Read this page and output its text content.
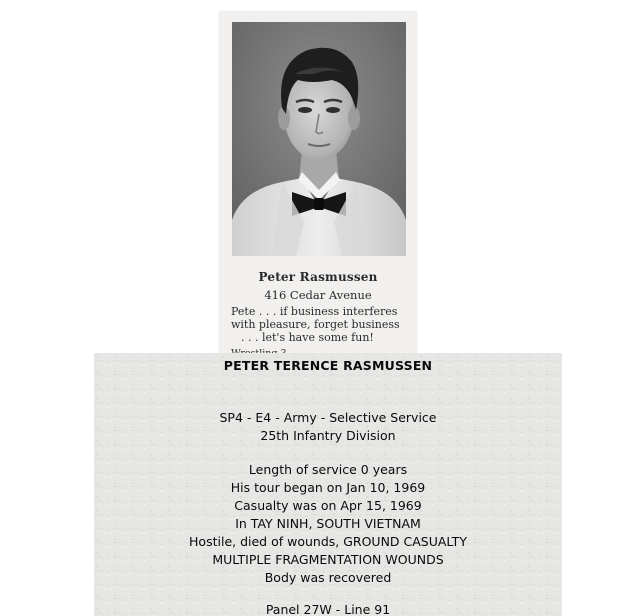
Peter Rasmussen
416 Cedar Avenue
Pete . . . if business interferes
with pleasure, forget business
. . . let's have some fun!
PETER TERENCE RASMUSSEN
SP4 - E4 - Army - Selective Service
25th Infantry Division
Length of service 0 years
His tour began on Jan 10, 1969
Casualty was on Apr 15, 1969
In TAY NINH, SOUTH VIETNAM
Hostile, died of wounds, GROUND CASUALTY
MULTIPLE FRAGMENTATION WOUNDS
Body was recovered
Panel 27W - Line 91
